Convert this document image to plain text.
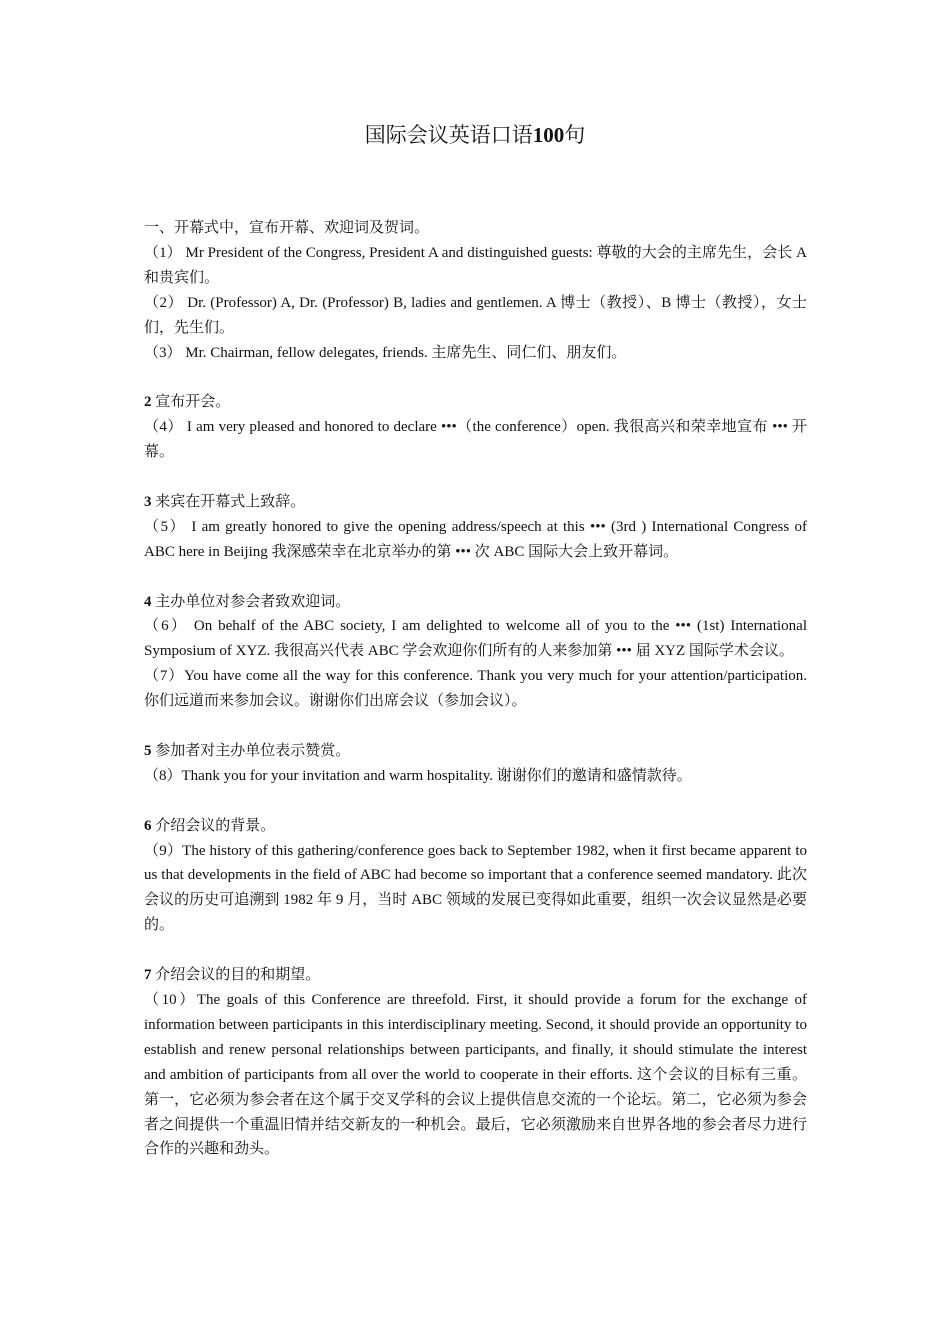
国际会议英语口语100句

一、开幕式中，宣布开幕、欢迎词及贺词。

（1） Mr President of the Congress, President A and distinguished guests: 尊敬的大会的主席先生，会长 A 和贵宾们。

（2） Dr. (Professor) A, Dr. (Professor) B, ladies and gentlemen. A 博士（教授）、B 博士（教授），女士们，先生们。

（3） Mr. Chairman, fellow delegates, friends. 主席先生、同仁们、朋友们。

2 宣布开会。

（4） I am very pleased and honored to declare •••（the conference）open. 我很高兴和荣幸地宣布 ••• 开幕。

3 来宾在开幕式上致辞。

（5） I am greatly honored to give the opening address/speech at this ••• (3rd ) International Congress of ABC here in Beijing 我深感荣幸在北京举办的第 ••• 次 ABC 国际大会上致开幕词。

4 主办单位对参会者致欢迎词。

（6） On behalf of the ABC society, I am delighted to welcome all of you to the ••• (1st) International Symposium of XYZ. 我很高兴代表 ABC 学会欢迎你们所有的人来参加第 ••• 届 XYZ 国际学术会议。

（7）You have come all the way for this conference. Thank you very much for your attention/participation. 你们远道而来参加会议。谢谢你们出席会议（参加会议）。

5 参加者对主办单位表示赞赏。

（8）Thank you for your invitation and warm hospitality. 谢谢你们的邀请和盛情款待。

6 介绍会议的背景。

（9）The history of this gathering/conference goes back to September 1982, when it first became apparent to us that developments in the field of ABC had become so important that a conference seemed mandatory. 此次会议的历史可追溯到 1982 年 9 月，当时 ABC 领域的发展已变得如此重要，组织一次会议显然是必要的。

7 介绍会议的目的和期望。

（10）The goals of this Conference are threefold. First, it should provide a forum for the exchange of information between participants in this interdisciplinary meeting. Second, it should provide an opportunity to establish and renew personal relationships between participants, and finally, it should stimulate the interest and ambition of participants from all over the world to cooperate in their efforts. 这个会议的目标有三重。第一，它必须为参会者在这个属于交叉学科的会议上提供信息交流的一个论坛。第二，它必须为参会者之间提供一个重温旧情并结交新友的一种机会。最后，它必须激励来自世界各地的参会者尽力进行合作的兴趣和劲头。
